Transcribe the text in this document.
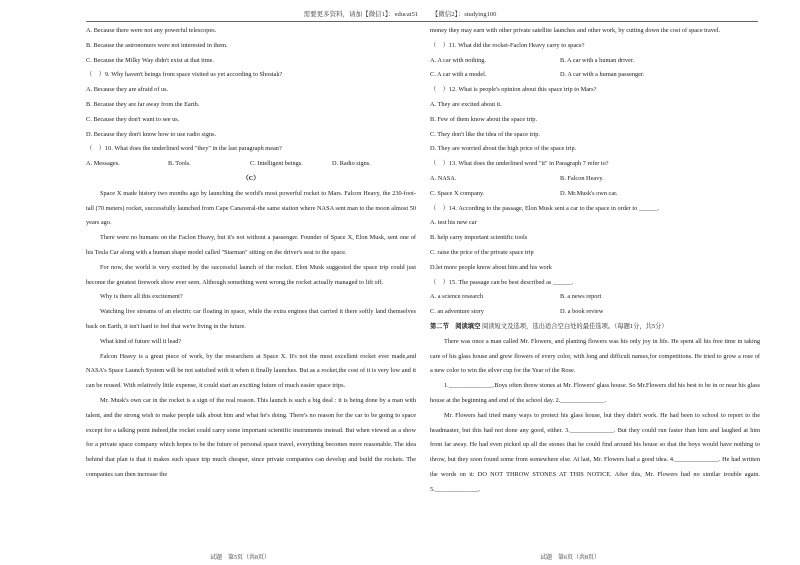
需要更多资料，请加【微信1】：educat51 【微信2】：studying100

A. Because there were not any powerful telescopes.

B. Because the astronomers were not interested in them.

C. Because the Milky Way didn't exist at that time.

（　）9. Why haven't beings from space visited us yet according to Shostak?

A. Because they are afraid of us.

B. Because they are far away from the Earth.

C. Because they don't want to see us.

D. Because they don't know how to use radio signs.

（　）10. What does the underlined word "they" in the last paragraph mean?

A. Messages.	B. Tools.	C. Intelligent beings.	D. Radio signs.

（C）

Space X made history two months ago by launching the world's most powerful rocket to Mars. Falcon Heavy, the 230-foot-tall (70 meters) rocket, successfully launched from Cape Canaveral-the same station where NASA sent man to the moon almost 50 years ago.

There were no humans on the Faclon Heavy, but it's not without a passenger. Founder of Space X, Elon Musk, sent one of his Tesla Car along with a human shape model called "Starman" sitting on the driver's seat to the space.

For now, the world is very excited by the successful launch of the rocket. Elon Musk suggested the space trip could just become the greatest firework show ever seen. Although something went wrong,the rocket actually managed to lift off.

Why is there all this excitement?

Watching live streams of an electric car floating in space, while the extra engines that carried it there softly land themselves back on Earth, it isn't hard to feel that we're living in the future.

What kind of future will it lead?

Falcon Heavy is a great piece of work, by the researchers at Space X. It's not the most excellent rocket ever made,and NASA's Space Launch System will be not satisfied with it when it finally launches. But as a rocket,the cost of it is very low and it can be reused. With relatively little expense, it could start an exciting future of much easier space trips.

Mr. Musk's own car in the rocket is a sign of the real reason. This launch is such a big deal : it is being done by a man with talent, and the strong wish to make people talk about him and what he's doing. There's no reason for the car to be going to space except for a talking point indeed,the rocket could carry some important scientific instruments instead. But when viewed as a show for a private space company which hopes to be the future of personal space travel, everything becomes more reasonable. The idea behind that plan is that it makes such space trip much cheaper, since private companies can develop and build the rockets. The companies can then increase the

money they may earn with other private satellite launches and other work, by cutting down the cost of space travel.

（　）11. What did the rocket-Faclon Heavy carry to space?

A. A car with nothing.	B. A car with a human driver.
C. A car with a model.	D. A car with a human passenger.

（　）12. What is people's opinion about this space trip to Mars?

A. They are excited about it.

B. Few of them know about the space trip.

C. They don't like the idea of the space trip.

D. They are worried about the high price of the space trip.

（　）13. What does the underlined word "it" in Paragraph 7 refer to?

A. NASA.	B. Falcon Heavy.
C. Space X company.	D. Mr.Musk's own car.

（　）14. According to the passage, Elon Musk sent a car to the space in order to ______.

A. test his new car

B. help carry important scientific tools

C. raise the price of the private space trip

D.let more people know about him and his work

（　）15. The passage can be best described as ______.

A. a science research	B. a news report
C. an adventure story	D. a book review

第二节　阅读填空 阅读短文及选项，选出适合空白处的最佳选项。（每题1分，共5分）

There was once a man called Mr. Flowers, and planting flowers was his only joy in life. He spent all his free time in taking care of his glass house and grew flowers of every color, with long and difficult names,for competitions. He tried to grow a rose of a new color to win the silver cup for the Year of the Rose.

1.______________.Boys often threw stones at Mr. Flowers' glass house. So Mr.Flowers did his best to be in or near his glass house at the beginning and end of the school day. 2.______________.

Mr. Flowers had tried many ways to protect his glass house, but they didn't work. He had been to school to report to the headmaster, but this had not done any good, either. 3.______________. But they could run faster than him and laughed at him from far away. He had even picked up all the stones that he could find around his house so that the boys would have nothing to throw, but they soon found some from somewhere else. At last, Mr. Flowers had a good idea. 4.______________. He had written the words on it: DO NOT THROW STONES AT THIS NOTICE. After this, Mr. Flowers had no similar trouble again. 5.______________.

试题　第5页（共8页）	试题　第6页（共8页）
